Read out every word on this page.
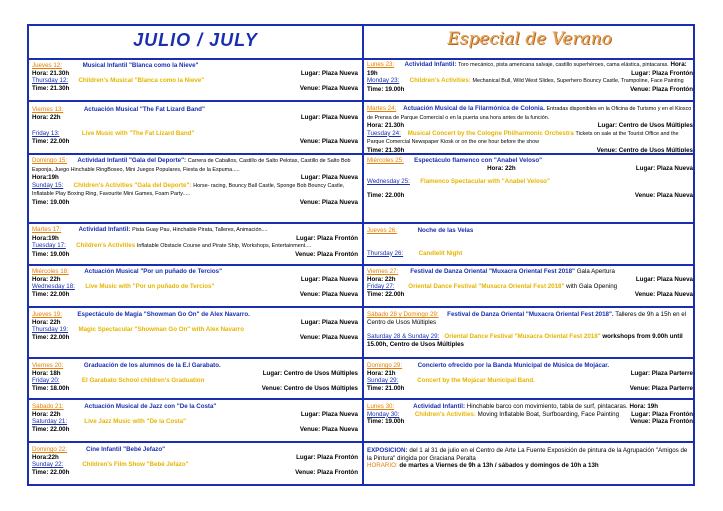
JULIO / JULY	Especial de Verano
Jueves 12:	Musical Infantil "Blanca como la Nieve"
Hora: 21.30h	Lugar: Plaza Nueva
Thursday 12: Children's Musical "Blanca como la Nieve"
Time: 21.30h	Venue: Plaza Nueva
Viernes 13:	Actuación Musical "The Fat Lizard Band"
Hora: 22h	Lugar: Plaza Nueva
Friday 13:	Live Music with "The Fat Lizard Band"
Time: 22.00h	Venue: Plaza Nueva
Domingo 15: Actividad Infantil "Gala del Deporte": Carrera de Caballos, Castillo de Salto Pelotas, Castillo de Salto Bob Esponja, Juego Hinchable RingBoxeo, Mini Juegos Populares, Fiesta de la Espuma.....
Hora:19h	Lugar: Plaza Nueva
Sunday 15: Children's Activities "Gala del Deporte": Horse- racing, Bouncy Ball Castle, Sponge Bob Bouncy Castle, Inflatable Play Boxing Ring, Favourite Mini Games, Foam Party.....
Time: 19.00h	Venue: Plaza Nueva
Martes 17:	Actividad Infantil: Pista Guay Pau, Hinchable Pirata, Talleres, Animación....
Hora:19h	Lugar: Plaza Frontón
Tuesday 17: Children's Activities Inflatable Obstacle Course and Pirate Ship, Workshops, Entertainment....
Time: 19.00h	Venue: Plaza Frontón
Miércoles 18: Actuación Musical "Por un puñado de Tercios"
Hora: 22h	Lugar: Plaza Nueva
Wednesday 18: Live Music with "Por un puñado de Tercios"
Time: 22.00h	Venue: Plaza Nueva
Jueves 19: Espectáculo de Magia "Showman Go On" de Alex Navarro.
Hora: 22h	Lugar: Plaza Nueva
Thursday 19: Magic Spectacular "Showman Go On" with Alex Navarro
Time: 22.00h	Venue: Plaza Nueva
Viernes 20:	Graduación de los alumnos de la E.I Garabato.
Hora: 18h	Lugar: Centro de Usos Múltiples
Friday 20:	El Garabato School children's Graduation
Time: 18.00h	Venue: Centro de Usos Múltiples
Sábado 21:	Actuación Musical de Jazz con "De la Costa"
Hora: 22h	Lugar: Plaza Nueva
Saturday 21:	Live Jazz Music with "De la Costa"
Time: 22.00h	Venue: Plaza Nueva
Domingo 22:	Cine Infantil "Bebé Jefazo"
Hora:22h	Lugar: Plaza Frontón
Sunday 22:	Children's Film Show "Bebé Jefazo"
Time: 22.00h	Venue: Plaza Frontón
Lunes 23: Actividad Infantil: Toro mecánico, pista americana salvaje, castillo superhéroes, cama elástica, pintacaras. Hora: 19h	Lugar: Plaza Frontón
Monday 23: Children's Activities: Mechanical Bull, Wild West Slides, Superhero Bouncy Castle, Trampoline, Face Painting Time: 19.00h	Venue: Plaza Frontón
Martes 24: Actuación Musical de la Filarmónica de Colonia. Entradas disponibles en la Oficina de Turismo y en el Kiosco de Prensa de Parque Comercial o en la puerta una hora antes de la función.
Hora: 21.30h	Lugar: Centro de Usos Múltiples
Tuesday 24: Musical Concert by the Cologne Philharmonic Orchestra Tickets on sale at the Tourist Office and the Parque Comercial Newspaper Kiosk or on the one hour before the show
Time: 21.30h	Venue: Centro de Usos Múltiples
Miércoles 25: Espectáculo flamenco con "Anabel Veloso"
Hora: 22h	Lugar: Plaza Nueva
Wednesday 25: Flamenco Spectacular with "Anabel Veloso"
Time: 22.00h	Venue: Plaza Nueva
Jueves 26:	Noche de las Velas
Thursday 26: Candlelit Night
Viernes 27: Festival de Danza Oriental "Muxacra Oriental Fest 2018" Gala Apertura
Hora: 22h	Lugar: Plaza Nueva
Friday 27: Oriental Dance Festival "Muxacra Oriental Fest 2018" with Gala Opening
Time: 22.00h	Venue: Plaza Nueva
Sábado 28 y Domingo 29: Festival de Danza Oriental "Muxacra Oriental Fest 2018". Talleres de 9h a 15h en el Centro de Usos Múltiples
Saturday 28 & Sunday 29: Oriental Dance Festival "Muxacra Oriental Fest 2018" workshops from 9.00h until 15.00h, Centro de Usos Múltiples
Domingo 29: Concierto ofrecido por la Banda Municipal de Música de Mojácar.
Hora: 21h	Lugar: Plaza Parterre
Sunday 29:	Concert by the Mojácar Municipal Band.
Time: 21.00h	Venue: Plaza Parterre
Lunes 30:	Actividad Infantil: Hinchable barco con movimiento, tabla de surf, pintacaras. Hora: 19h
Lugar: Plaza Frontón
Monday 30: Children's Activities: Moving Inflatable Boat, Surfboarding, Face Painting
Time: 19.00h	Venue: Plaza Frontón
EXPOSICIÓN: del 1 al 31 de julio en el Centro de Arte La Fuente Exposición de pintura de la Agrupación "Amigos de la Pintura" dirigida por Graciana Peralta
HORARIO: de martes a Viernes de 9h a 13h / sábados y domingos de 10h a 13h
